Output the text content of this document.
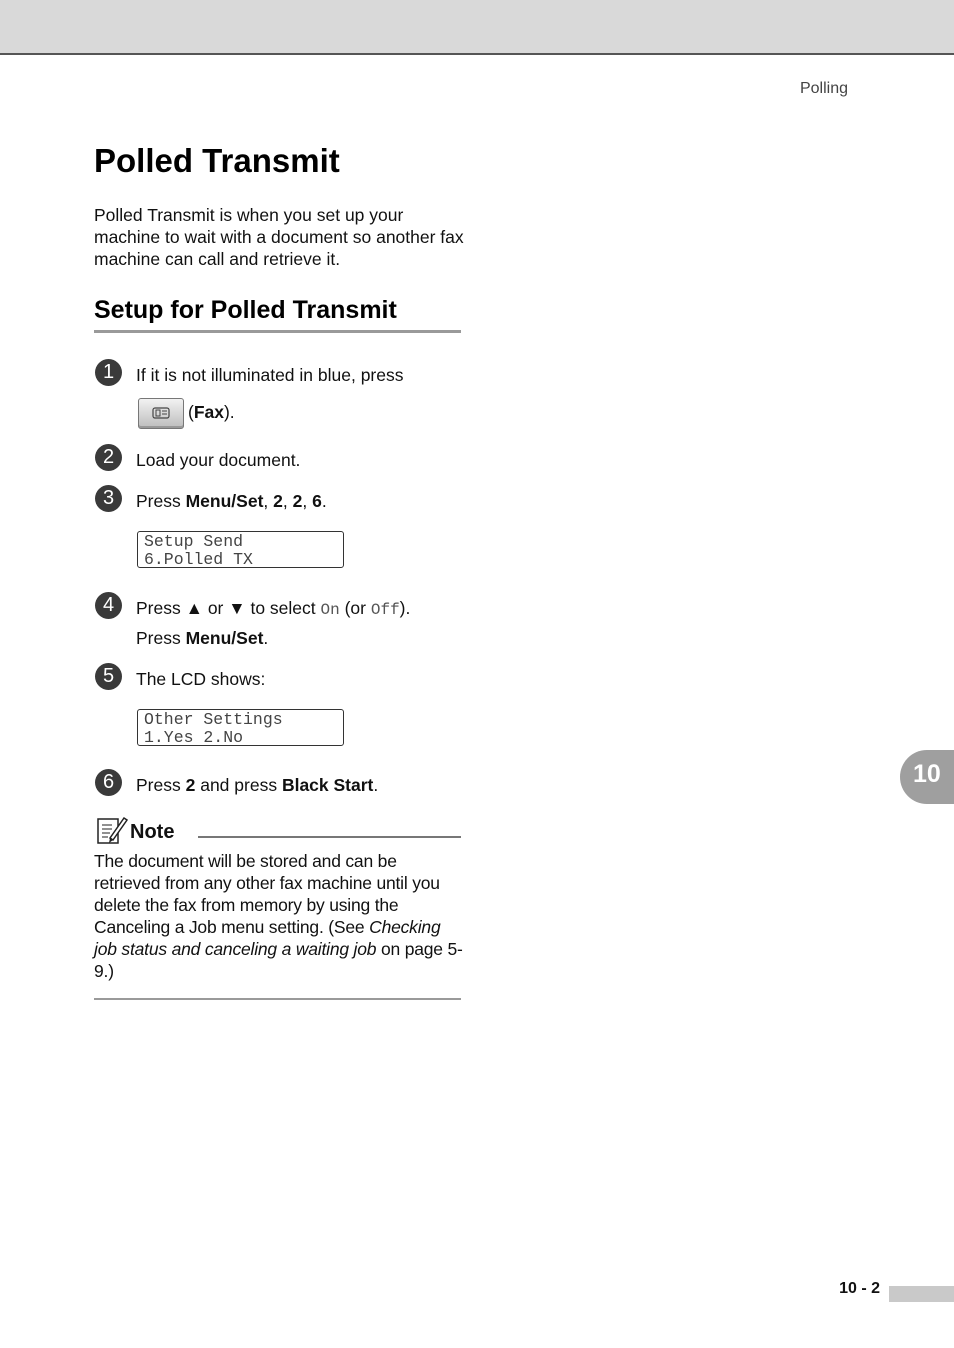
Polling
Polled Transmit

Polled Transmit is when you set up your machine to wait with a document so another fax machine can call and retrieve it.

Setup for Polled Transmit
1	If it is not illuminated in blue, press
(Fax).
2	Load your document.
3	Press Menu/Set, 2, 2, 6.
Setup Send
6.Polled TX
4	Press ▲ or ▼ to select On (or Off).
Press Menu/Set.
5	The LCD shows:
Other Settings
1.Yes 2.No
6	Press 2 and press Black Start.
Note

The document will be stored and can be retrieved from any other fax machine until you delete the fax from memory by using the Canceling a Job menu setting. (See Checking job status and canceling a waiting job on page 5-9.)

10
10 - 2
